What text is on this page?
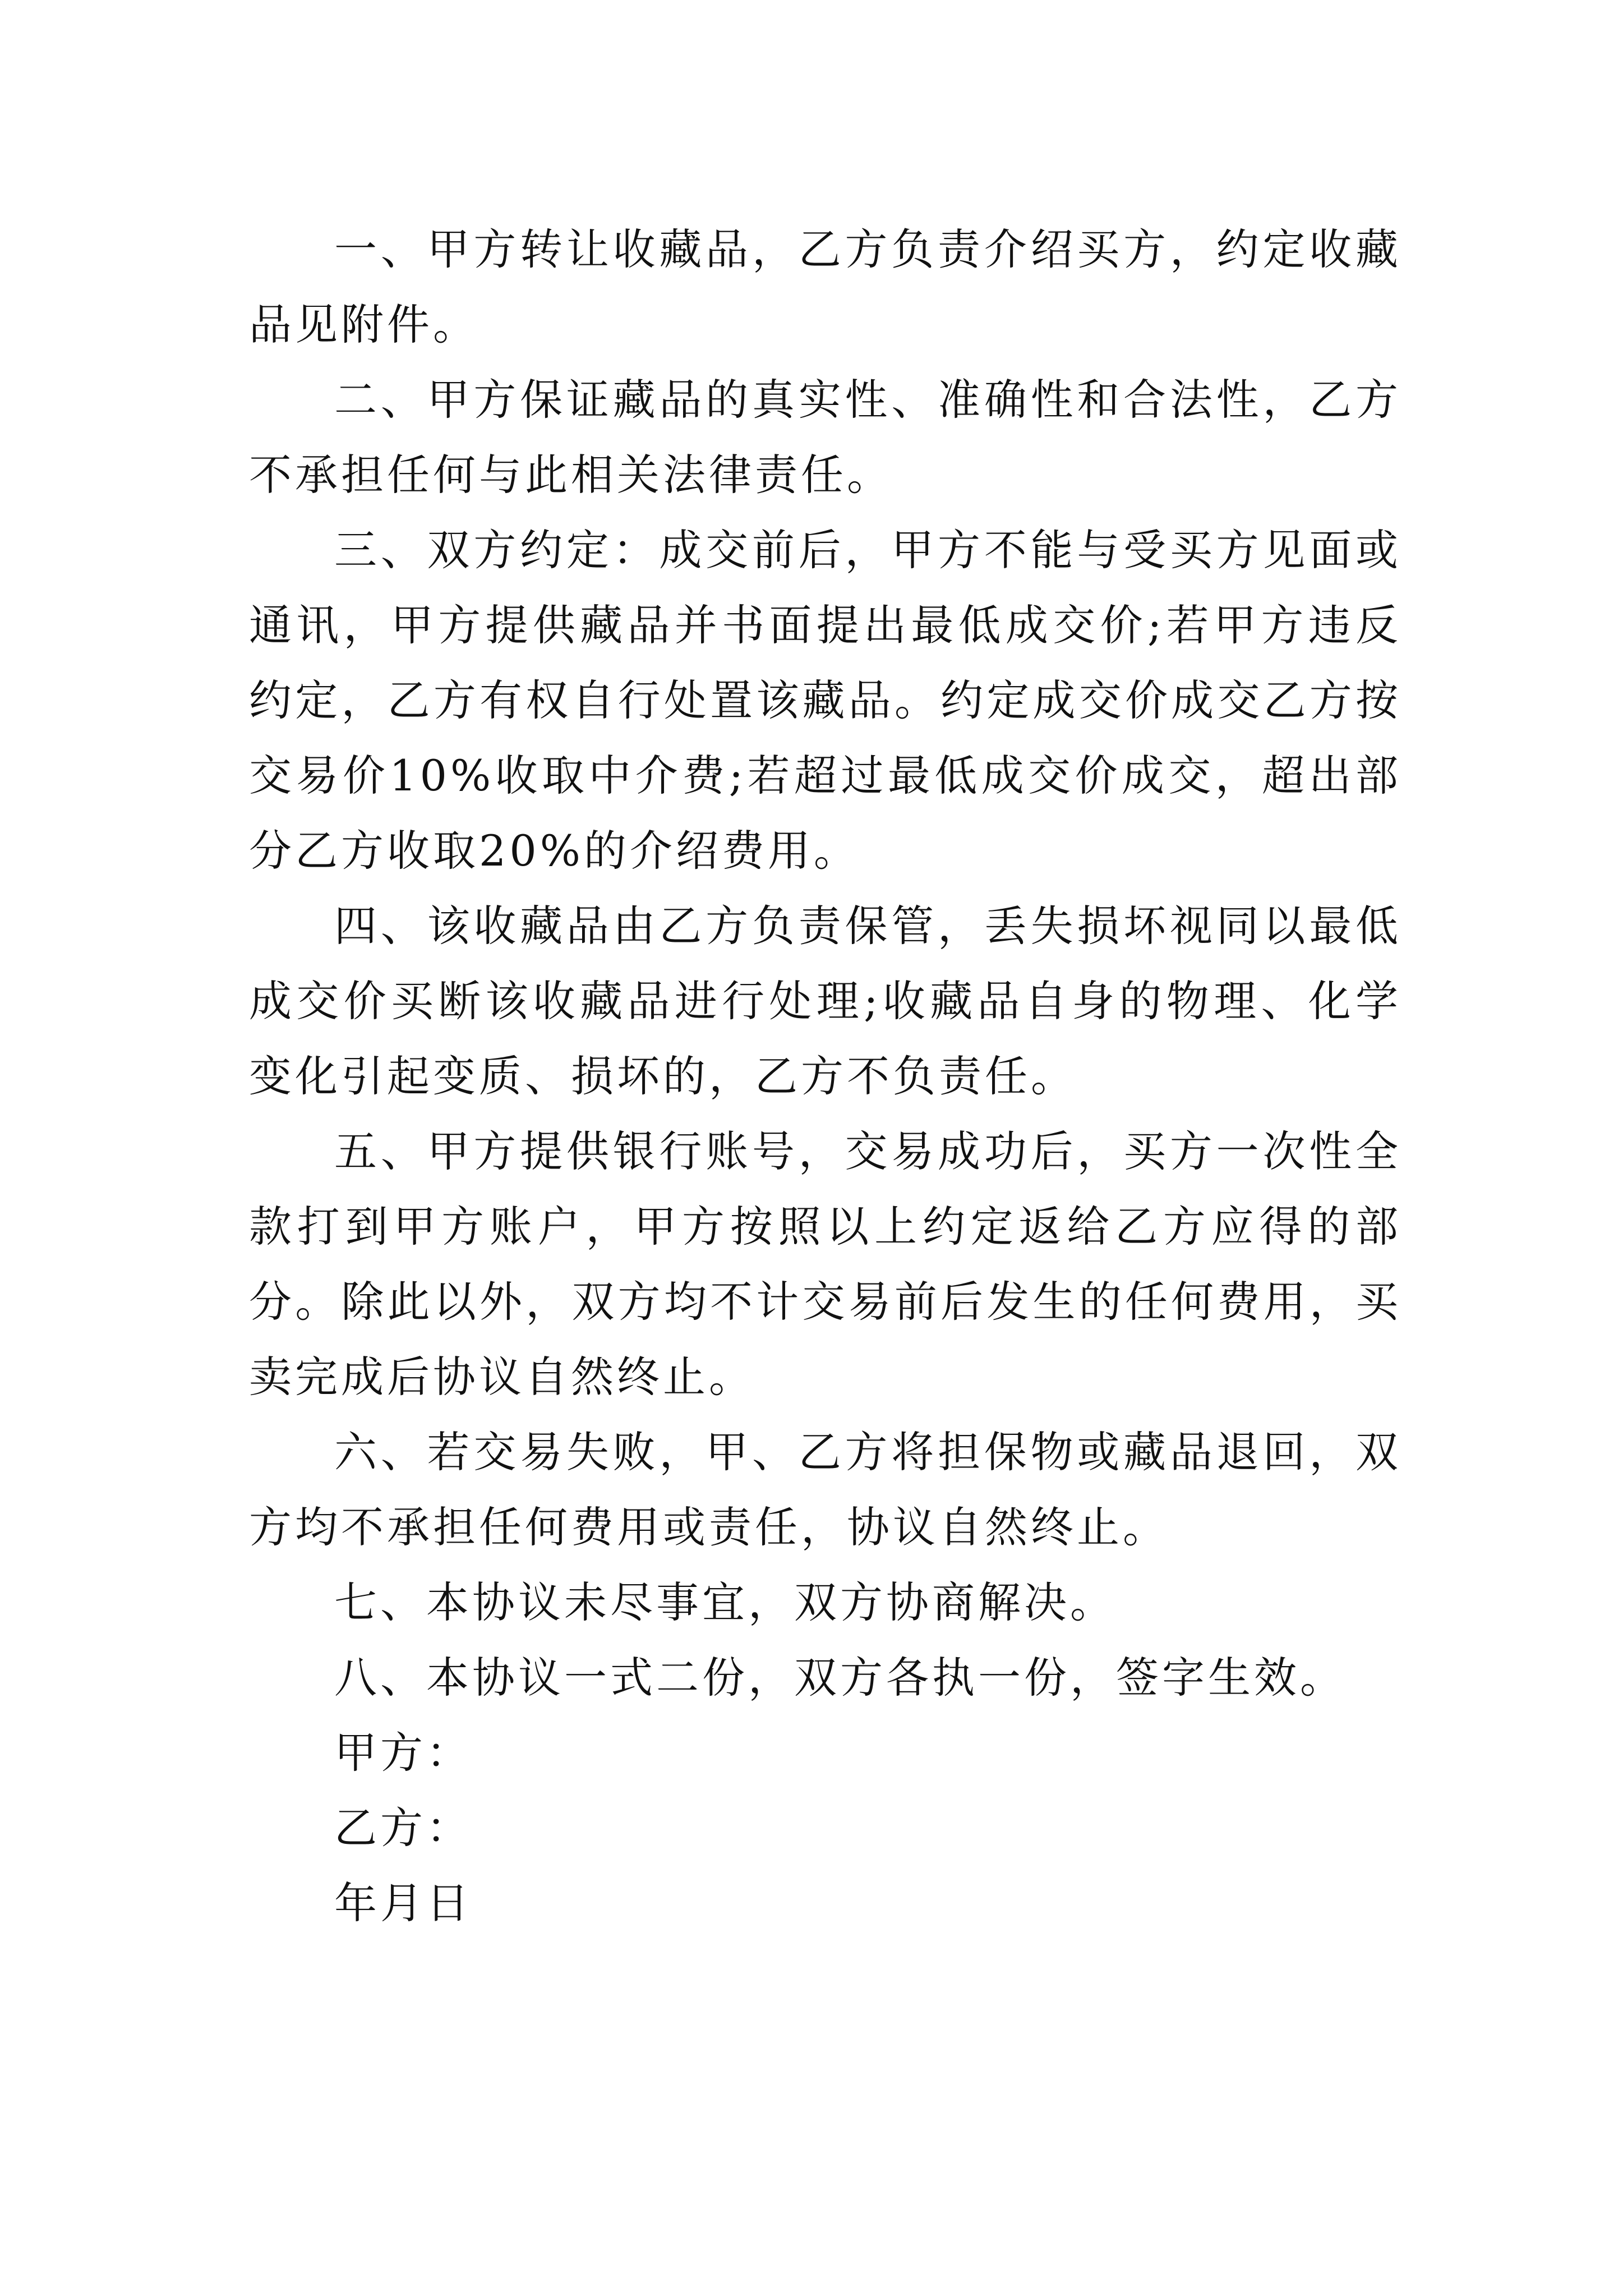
一、甲方转让收藏品，乙方负责介绍买方，约定收藏品见附件。

二、甲方保证藏品的真实性、准确性和合法性，乙方不承担任何与此相关法律责任。

三、双方约定：成交前后，甲方不能与受买方见面或通讯，甲方提供藏品并书面提出最低成交价;若甲方违反约定，乙方有权自行处置该藏品。约定成交价成交乙方按交易价10%收取中介费;若超过最低成交价成交，超出部分乙方收取20%的介绍费用。

四、该收藏品由乙方负责保管，丢失损坏视同以最低成交价买断该收藏品进行处理;收藏品自身的物理、化学变化引起变质、损坏的，乙方不负责任。

五、甲方提供银行账号，交易成功后，买方一次性全款打到甲方账户，甲方按照以上约定返给乙方应得的部分。除此以外，双方均不计交易前后发生的任何费用，买卖完成后协议自然终止。

六、若交易失败，甲、乙方将担保物或藏品退回，双方均不承担任何费用或责任，协议自然终止。

七、本协议未尽事宜，双方协商解决。

八、本协议一式二份，双方各执一份，签字生效。

甲方：

乙方：

年月日
